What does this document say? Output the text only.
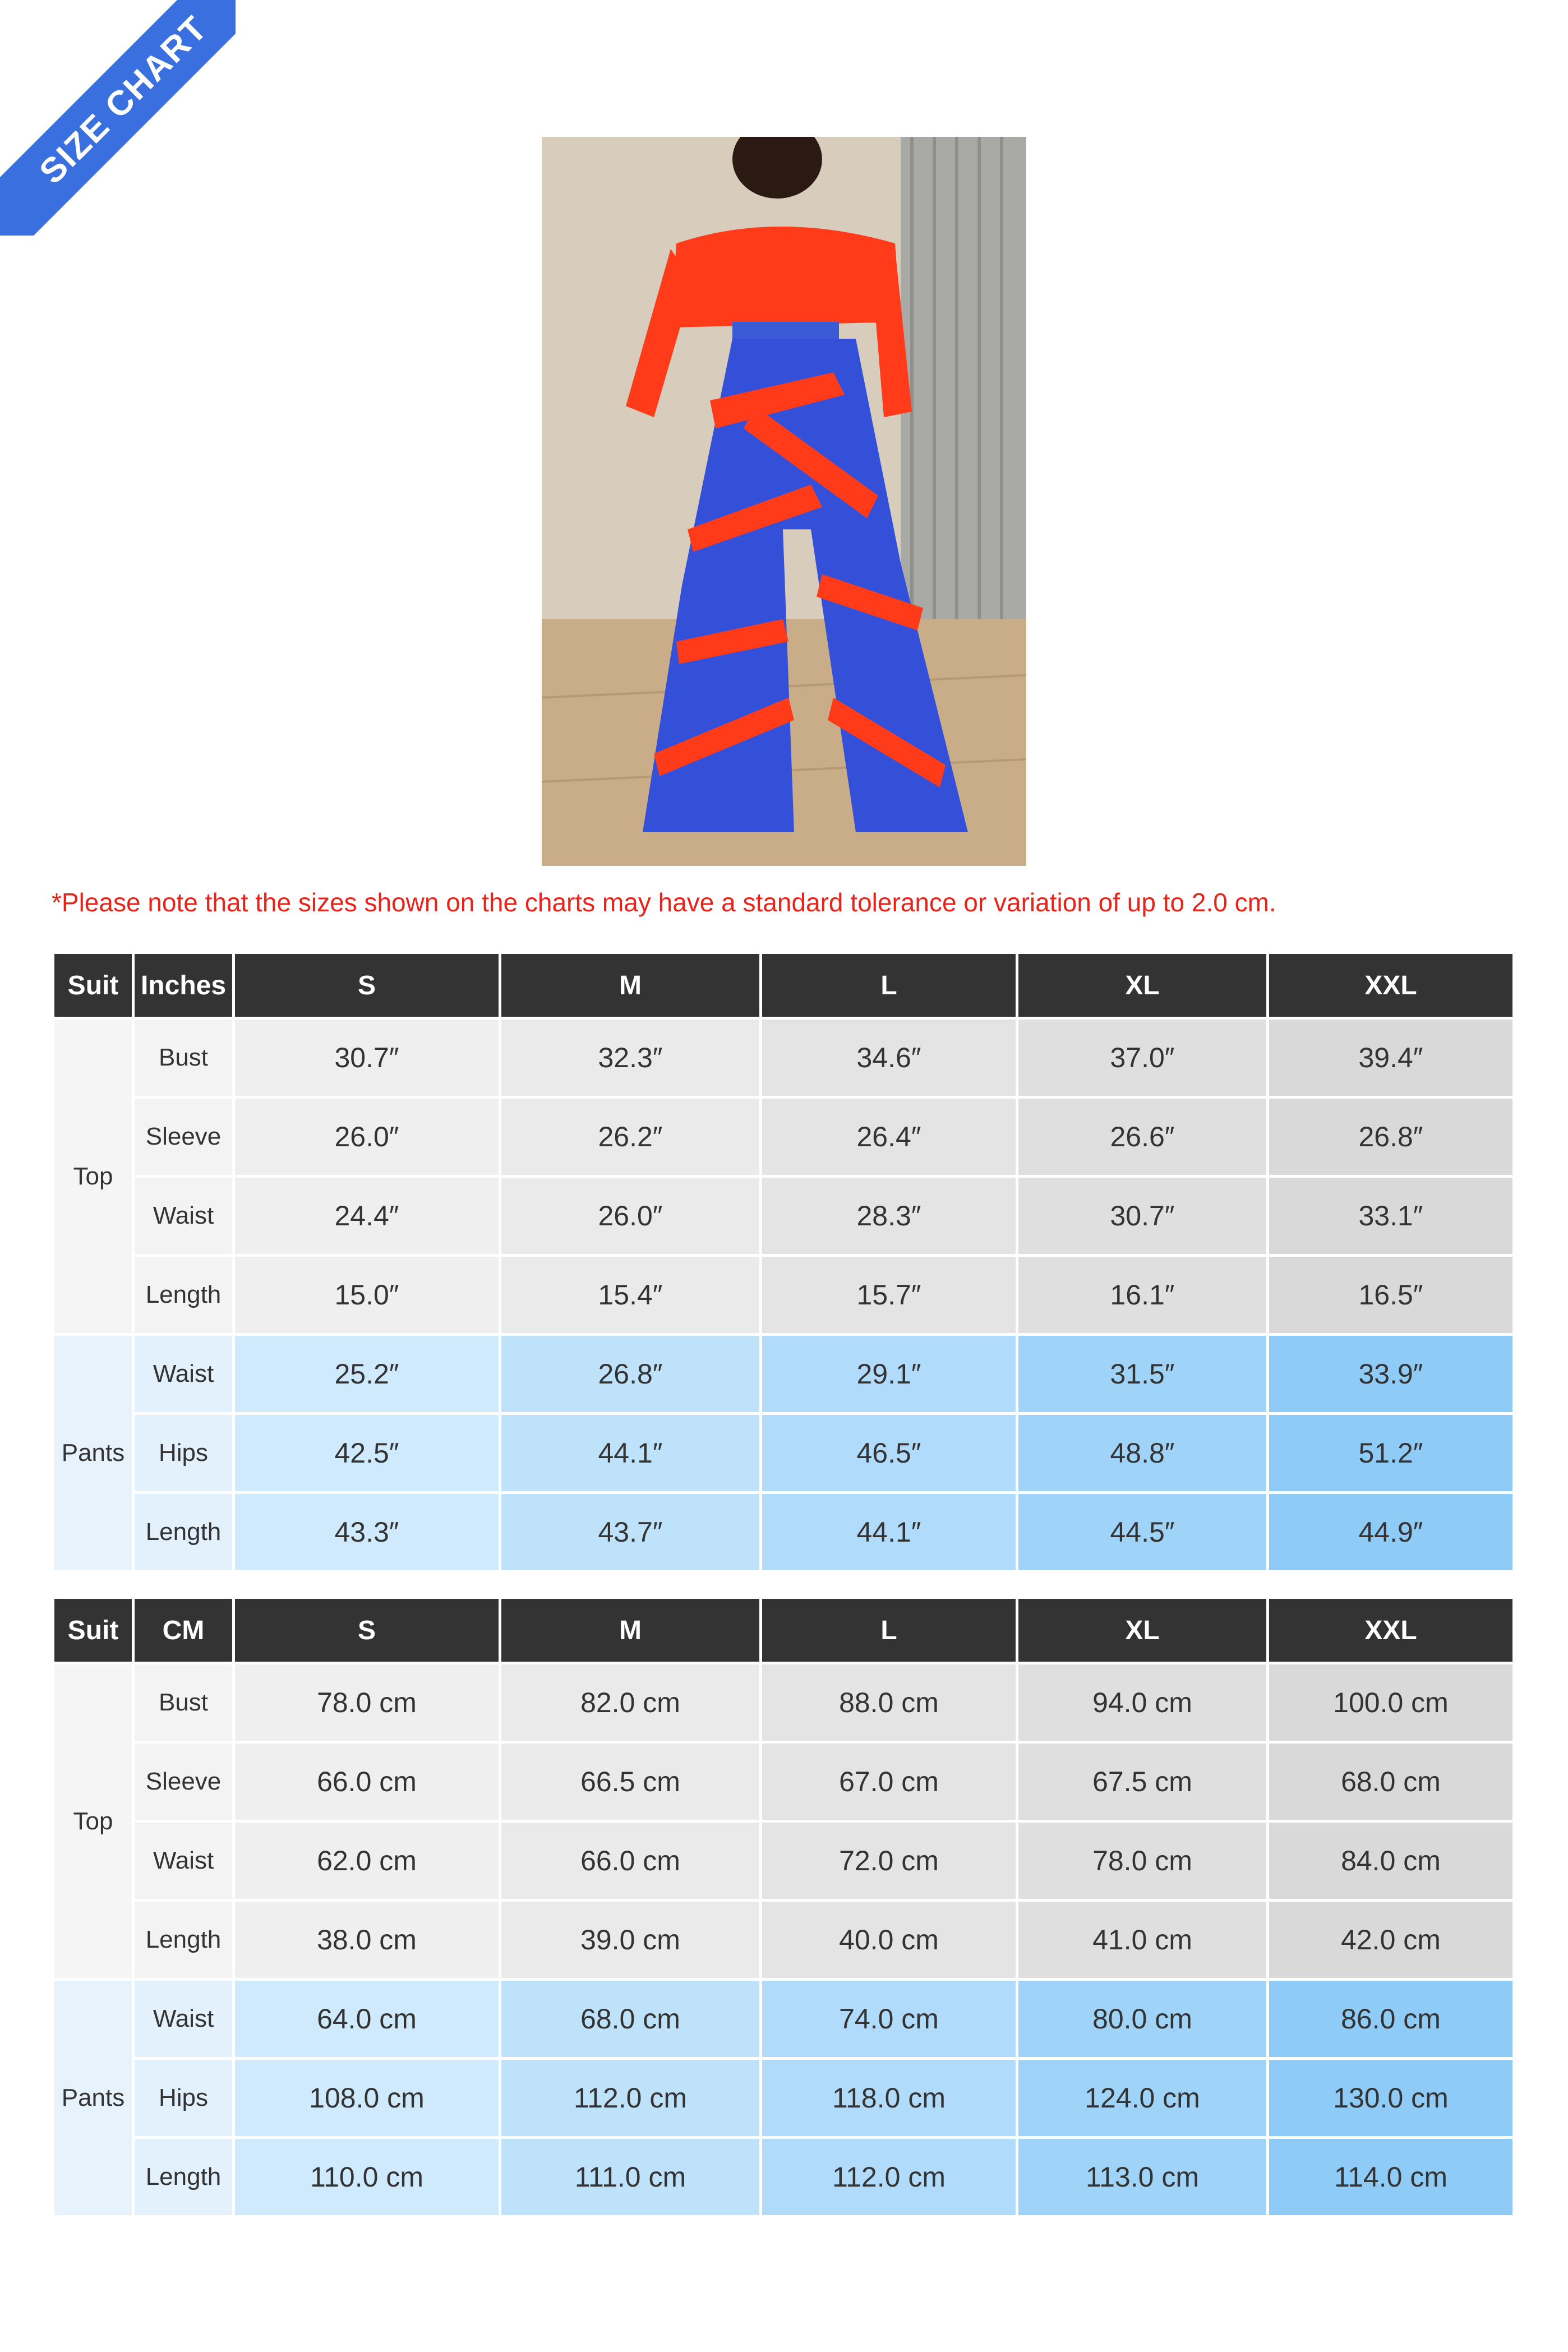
SIZE CHART
*Please note that the sizes shown on the charts may have a standard tolerance or variation of up to 2.0 cm.
Suit	Inches	S	M	L	XL	XXL
Top	Bust	30.7″	32.3″	34.6″	37.0″	39.4″
	Sleeve	26.0″	26.2″	26.4″	26.6″	26.8″
	Waist	24.4″	26.0″	28.3″	30.7″	33.1″
	Length	15.0″	15.4″	15.7″	16.1″	16.5″
Pants	Waist	25.2″	26.8″	29.1″	31.5″	33.9″
	Hips	42.5″	44.1″	46.5″	48.8″	51.2″
	Length	43.3″	43.7″	44.1″	44.5″	44.9″
Suit	CM	S	M	L	XL	XXL
Top	Bust	78.0 cm	82.0 cm	88.0 cm	94.0 cm	100.0 cm
	Sleeve	66.0 cm	66.5 cm	67.0 cm	67.5 cm	68.0 cm
	Waist	62.0 cm	66.0 cm	72.0 cm	78.0 cm	84.0 cm
	Length	38.0 cm	39.0 cm	40.0 cm	41.0 cm	42.0 cm
Pants	Waist	64.0 cm	68.0 cm	74.0 cm	80.0 cm	86.0 cm
	Hips	108.0 cm	112.0 cm	118.0 cm	124.0 cm	130.0 cm
	Length	110.0 cm	111.0 cm	112.0 cm	113.0 cm	114.0 cm
